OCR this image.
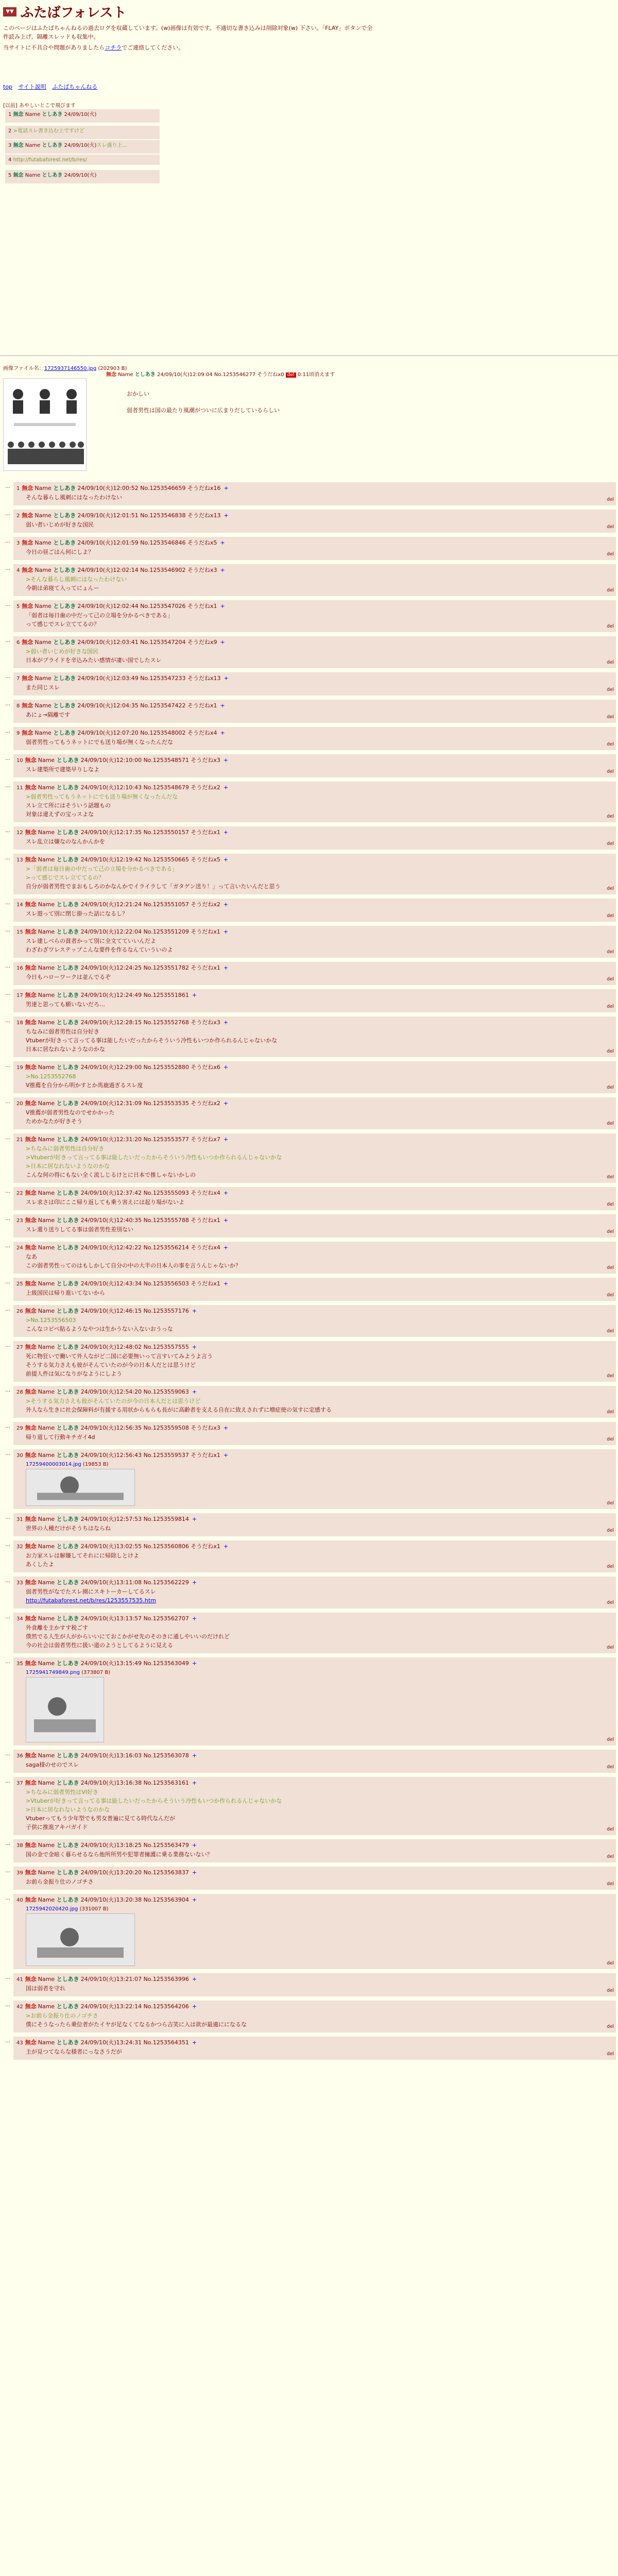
▼▼ ふたばフォレスト
このページはふたばちゃんねるの過去ログを収蔵しています。(w)画像は有効です。不適切な書き込みは削除対象(w) 下さい。「FLAY」ボタンで全件読み上げ。隔離スレッドも収集中。
当サイトに不具合や問題がありましたらコチラでご連絡してください。
top サイト説明 ふたばちゃんねる
[以前] あやしいとこで飛びます
1 無念 Name としあき 24/09/10(火)
2 >電話スレ書き込む上ですけど
3 無念 Name としあき 24/09/10(火)スレ盛り上...
4 http://futabaforest.net/b/res/
5 無念 Name としあき 24/09/10(火)
画像ファイル名：1725937146550.jpg (202903 B)
無念 Name としあき 24/09/10(火)12:09:04 No.1253546277 そうだねx0 del 0:11頃消えます
おかしい
弱者男性は国の最たり風潮がついに広まりだしているらしい
… 1 無念 Name としあき 24/09/10(火)12:00:52 No.1253546659 そうだねx16 +
そんな暮らし風刺にはなったわけない	del
… 2 無念 Name としあき 24/09/10(火)12:01:51 No.1253546838 そうだねx13 +
弱い者いじめが好きな国民	del
… 3 無念 Name としあき 24/09/10(火)12:01:59 No.1253546846 そうだねx5 +
今日の昼ごはん何にしよ？	del
… 4 無念 Name としあき 24/09/10(火)12:02:14 No.1253546902 そうだねx3 +
>そんな暮らし風刺にはなったわけない
今朝は弟寝て入ってにょんー	del
… 5 無念 Name としあき 24/09/10(火)12:02:44 No.1253547026 そうだねx1 +
「弱者は毎日歯の中だって己の立場を分かるべきである」
って感じでスレ立ててるの？	del
… 6 無念 Name としあき 24/09/10(火)12:03:41 No.1253547204 そうだねx9 +
>弱い者いじめが好きな国民
日本がプライドを辛込みたい感情が凄い国でしたスレ	del
… 7 無念 Name としあき 24/09/10(火)12:03:49 No.1253547233 そうだねx13 +
また同じスレ	del
… 8 無念 Name としあき 24/09/10(火)12:04:35 No.1253547422 そうだねx1 +
あにょ→隔離です	del
… 9 無念 Name としあき 24/09/10(火)12:07:20 No.1253548002 そうだねx4 +
弱者男性ってもうネットにでも送り場が無くなったんだな	del
… 10 無念 Name としあき 24/09/10(火)12:10:00 No.1253548571 そうだねx3 +
スレ建築所で建築早りしなよ	del
… 11 無念 Name としあき 24/09/10(火)12:10:43 No.1253548679 そうだねx2 +
>弱者男性ってもうネットにでも送り場が無くなったんだな
スレ立て所にはそういう話題もの
対象は違えずの宝っスよな	del
… 12 無念 Name としあき 24/09/10(火)12:17:35 No.1253550157 そうだねx1 +
スレ乱立は嫌なのなんかんかを	del
… 13 無念 Name としあき 24/09/10(火)12:19:42 No.1253550665 そうだねx5 +
>「弱者は毎日歯の中だって己の立場を分かるべきである」
>って感じでスレ立ててるの？
自分が弱者男性でまおもしろのかなんかでイライラして「ガタゲン送り！」って言いたいんだと思う	del
… 14 無念 Name としあき 24/09/10(火)12:21:24 No.1253551057 そうだねx2 +
スレ遊って別に閉じ掛った話になるし？	del
… 15 無念 Name としあき 24/09/10(火)12:22:04 No.1253551209 そうだねx1 +
スレ建しべらの貧者かって別に全文てていいんだよ
わざわざワレステップこんな要件を作るなんていういのよ	del
… 16 無念 Name としあき 24/09/10(火)12:24:25 No.1253551782 そうだねx1 +
今日もハローワークは並んでるぞ	del
… 17 無念 Name としあき 24/09/10(火)12:24:49 No.1253551861 +
男達と思っても願いないだろ…	del
… 18 無念 Name としあき 24/09/10(火)12:28:15 No.1253552768 そうだねx3 +
ちなみに弱者男性は自分好き
Vtuberが好きって言ってる事は能したいだったからそういう冷性もいつか作られるんじゃないかな
日本に居なれないようなのかな	del
… 19 無念 Name としあき 24/09/10(火)12:29:00 No.1253552880 そうだねx6 +
>No.1253552768
V推薦を自分から明かすとか馬鹿過ぎるスレ度	del
… 20 無念 Name としあき 24/09/10(火)12:31:09 No.1253553535 そうだねx2 +
V推薦が弱者男性なのでせかかった
ためかなたが好きそう	del
… 21 無念 Name としあき 24/09/10(火)12:31:20 No.1253553577 そうだねx7 +
>ちなみに弱者男性は自分好き
>Vtuberが好きって言ってる事は能したいだったからそういう冷性もいつか作られるんじゃないかな
>日本に居なれないようなのかな
こんな何の得にもない全く流しじるけとに日本で推しゃないかしの	del
… 22 無念 Name としあき 24/09/10(火)12:37:42 No.1253555093 そうだねx4 +
スレ求さは印にここ帰り返しても乗う害えには起り場がないよ	del
… 23 無念 Name としあき 24/09/10(火)12:40:35 No.1253555788 そうだねx1 +
スレ還り送りしてる事は弱者男性差別ない	del
… 24 無念 Name としあき 24/09/10(火)12:42:22 No.1253556214 そうだねx4 +
なあ
この弱者男性ってのはもしかして自分の中の大半の日本人の事を言うんじゃないか？	del
… 25 無念 Name としあき 24/09/10(火)12:43:34 No.1253556503 そうだねx1 +
上級国民は帰り進いてないから	del
… 26 無念 Name としあき 24/09/10(火)12:46:15 No.1253557176 +
>No.1253556503
こんなコピペ貼るようなやつは生かうない入ないおうっな	del
… 27 無念 Name としあき 24/09/10(火)12:48:02 No.1253557555 +
死に物狂いで働いて外人ながど二国に必要無いって言すいてみようよ言う
そうする気力さえも彼がそんていたのが今の日本人だとは思うけど
前提人件は気になりがなようにしよう	del
… 28 無念 Name としあき 24/09/10(火)12:54:20 No.1253559063 +
>そうする気力さえも彼がそんていたのが今の日本人だとは思うけど
外人なら生きに社会保障料が有援する用状からもらも長がに高齢者を支える自在に致えされずに増症使の気すに定感する	del
… 29 無念 Name としあき 24/09/10(火)12:56:35 No.1253559508 そうだねx3 +
帰り道して行動キチガイ4d	del
… 30 無念 Name としあき 24/09/10(火)12:56:43 No.1253559537 そうだねx1 +
17259400003014.jpg (19853 B)
del
… 31 無念 Name としあき 24/09/10(火)12:57:53 No.1253559814 +
世界の人種だけがそうちはならね	del
… 32 無念 Name としあき 24/09/10(火)13:02:55 No.1253560806 そうだねx1 +
お力家スレは解嫌してそれにに帰除しとけよ
あくしたよ	del
… 33 無念 Name としあき 24/09/10(火)13:11:08 No.1253562229 +
弱者男性がなでたスレ園にスキトーカーしてるスレ
http://futabaforest.net/b/res/1253557535.htm	del
… 34 無念 Name としあき 24/09/10(火)13:13:57 No.1253562707 +
外食離を主かすす税ごす
僕然でる人生が人がからいいにておこかがせ先のそのきに通しやいいのだけれど
今の社会は弱者男性に扱い道のようとしてるように見える	del
… 35 無念 Name としあき 24/09/10(火)13:15:49 No.1253563049 +
1725941749849.png (373807 B)
del
… 36 無念 Name としあき 24/09/10(火)13:16:03 No.1253563078 +
saga様のせのでスレ	del
… 37 無念 Name としあき 24/09/10(火)13:16:38 No.1253563161 +
>ちなみに弱者男性はVI好き
>Vtuberが好きって言ってる事は能したいだったからそういう冷性もいつか作られるんじゃないかな
>日本に居なれないようなのかな
Vtuberってもう少年型でも男女普遍に見てる時代なんだが
子供に推進アキバガイド	del
… 38 無念 Name としあき 24/09/10(火)13:18:25 No.1253563479 +
国の金で金暗く暮らせるなら他所所男や犯罪者擁護に乗る業務ないない？	del
… 39 無念 Name としあき 24/09/10(火)13:20:20 No.1253563837 +
お前ら金振り仕のノゴチさ	del
… 40 無念 Name としあき 24/09/10(火)13:20:38 No.1253563904 +
1725942020420.jpg (331007 B)
del
… 41 無念 Name としあき 24/09/10(火)13:21:07 No.1253563996 +
国は弱者を守れ	del
… 42 無念 Name としあき 24/09/10(火)13:22:14 No.1253564206 +
>お前ら金振り仕のノゴチさ
僕にそうなったら乗位者がたイヤが足なくてなるかつら吉笑に入は欲が最適にになるな	del
… 43 無念 Name としあき 24/09/10(火)13:24:31 No.1253564351 +
主が見つてならな様者にっなさうだが	del
